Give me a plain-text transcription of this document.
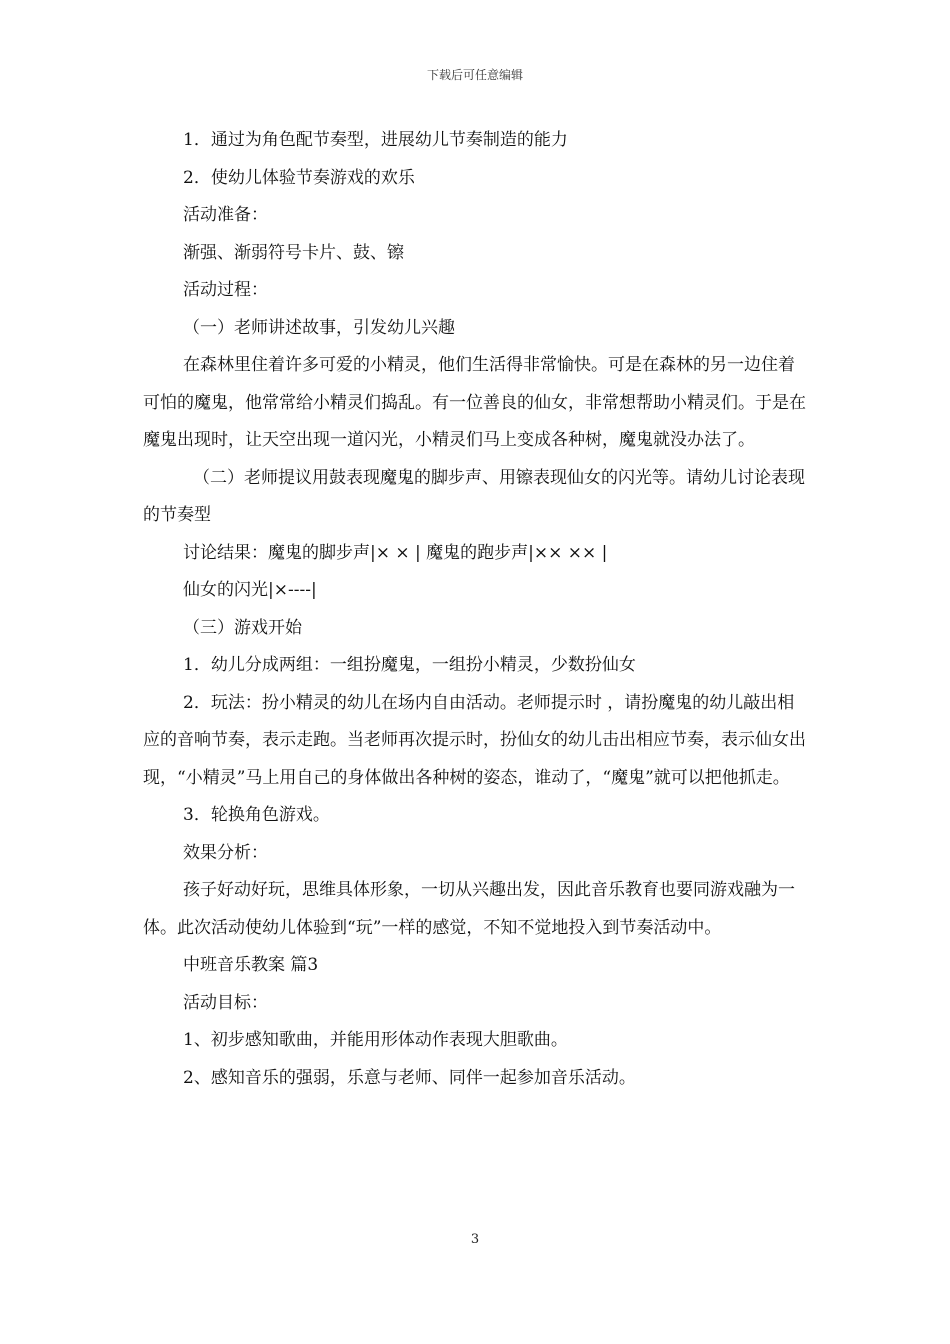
下载后可任意编辑

1．通过为角色配节奏型，进展幼儿节奏制造的能力

2．使幼儿体验节奏游戏的欢乐

活动准备：

渐强、渐弱符号卡片、鼓、镲

活动过程：

（一）老师讲述故事，引发幼儿兴趣

在森林里住着许多可爱的小精灵，他们生活得非常愉快。可是在森林的另一边住着可怕的魔鬼，他常常给小精灵们捣乱。有一位善良的仙女，非常想帮助小精灵们。于是在魔鬼出现时，让天空出现一道闪光，小精灵们马上变成各种树，魔鬼就没办法了。

（二）老师提议用鼓表现魔鬼的脚步声、用镲表现仙女的闪光等。请幼儿讨论表现的节奏型

讨论结果：魔鬼的脚步声|× × | 魔鬼的跑步声|×× ×× |

仙女的闪光|×----|

（三）游戏开始

1．幼儿分成两组：一组扮魔鬼，一组扮小精灵，少数扮仙女

2．玩法：扮小精灵的幼儿在场内自由活动。老师提示时 ，请扮魔鬼的幼儿敲出相应的音响节奏，表示走跑。当老师再次提示时，扮仙女的幼儿击出相应节奏，表示仙女出现，“小精灵”马上用自己的身体做出各种树的姿态，谁动了，“魔鬼”就可以把他抓走。

3．轮换角色游戏。

效果分析：

孩子好动好玩，思维具体形象，一切从兴趣出发，因此音乐教育也要同游戏融为一体。此次活动使幼儿体验到“玩”一样的感觉，不知不觉地投入到节奏活动中。

中班音乐教案 篇3

活动目标：

1、初步感知歌曲，并能用形体动作表现大胆歌曲。

2、感知音乐的强弱，乐意与老师、同伴一起参加音乐活动。

3
